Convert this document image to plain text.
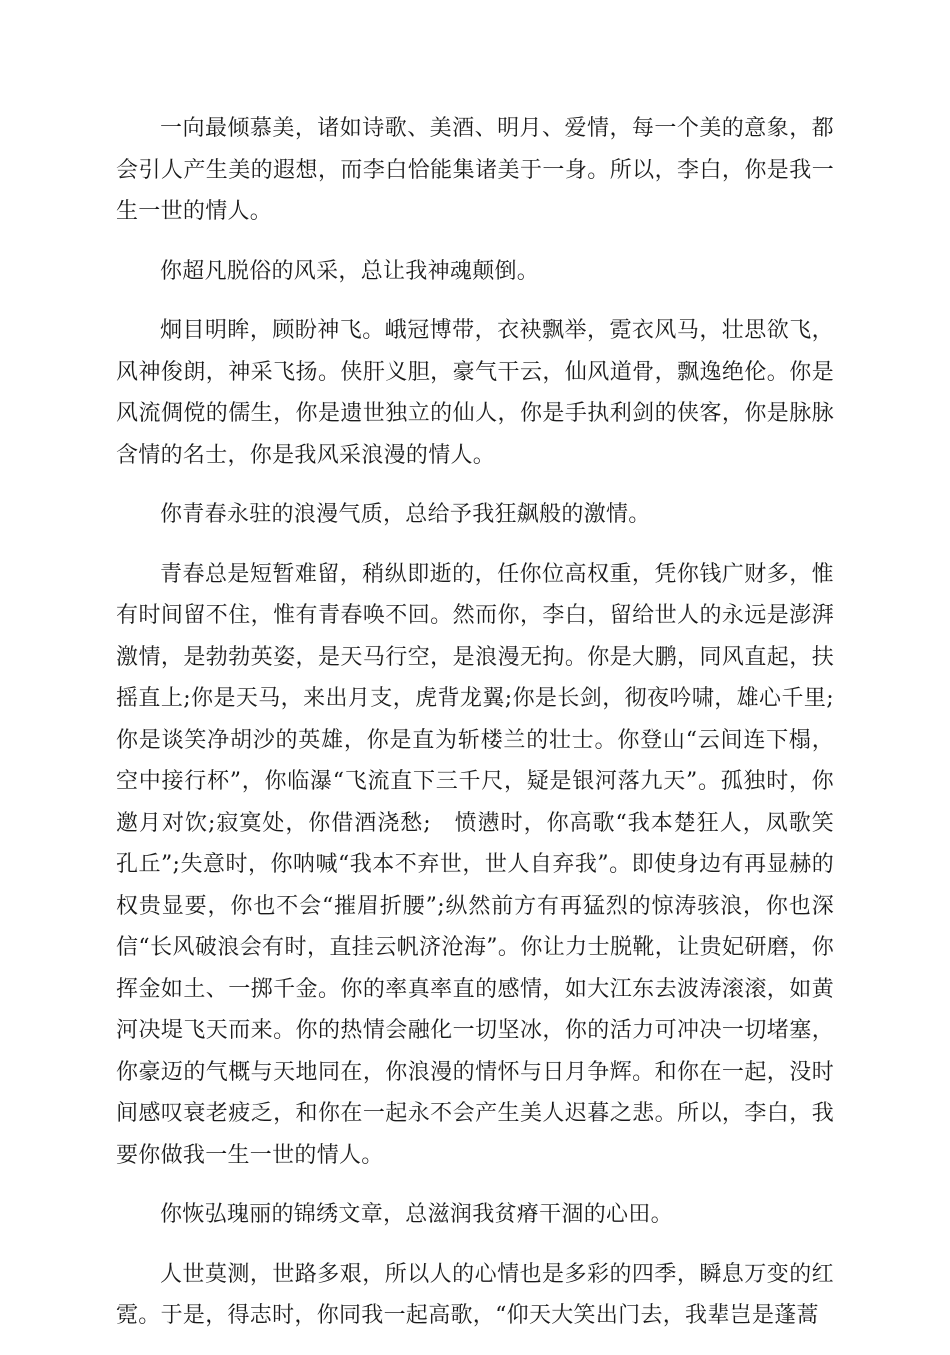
一向最倾慕美，诸如诗歌、美酒、明月、爱情，每一个美的意象，都会引人产生美的遐想，而李白恰能集诸美于一身。所以，李白，你是我一生一世的情人。

你超凡脱俗的风采，总让我神魂颠倒。

炯目明眸，顾盼神飞。峨冠博带，衣袂飘举，霓衣风马，壮思欲飞，风神俊朗，神采飞扬。侠肝义胆，豪气干云，仙风道骨，飘逸绝伦。你是风流倜傥的儒生，你是遗世独立的仙人，你是手执利剑的侠客，你是脉脉含情的名士，你是我风采浪漫的情人。

你青春永驻的浪漫气质，总给予我狂飙般的激情。

青春总是短暂难留，稍纵即逝的，任你位高权重，凭你钱广财多，惟有时间留不住，惟有青春唤不回。然而你，李白，留给世人的永远是澎湃激情，是勃勃英姿，是天马行空，是浪漫无拘。你是大鹏，同风直起，扶摇直上;你是天马，来出月支，虎背龙翼;你是长剑，彻夜吟啸，雄心千里;你是谈笑净胡沙的英雄，你是直为斩楼兰的壮士。你登山“云间连下榻，空中接行杯”，你临瀑“飞流直下三千尺，疑是银河落九天”。孤独时，你邀月对饮;寂寞处，你借酒浇愁;　愤懑时，你高歌“我本楚狂人，凤歌笑孔丘”;失意时，你呐喊“我本不弃世，世人自弃我”。即使身边有再显赫的权贵显要，你也不会“摧眉折腰”;纵然前方有再猛烈的惊涛骇浪，你也深信“长风破浪会有时，直挂云帆济沧海”。你让力士脱靴，让贵妃研磨，你挥金如土、一掷千金。你的率真率直的感情，如大江东去波涛滚滚，如黄河决堤飞天而来。你的热情会融化一切坚冰，你的活力可冲决一切堵塞，你豪迈的气概与天地同在，你浪漫的情怀与日月争辉。和你在一起，没时间感叹衰老疲乏，和你在一起永不会产生美人迟暮之悲。所以，李白，我要你做我一生一世的情人。

你恢弘瑰丽的锦绣文章，总滋润我贫瘠干涸的心田。

人世莫测，世路多艰，所以人的心情也是多彩的四季，瞬息万变的红霓。于是，得志时，你同我一起高歌，“仰天大笑出门去，我辈岂是蓬蒿
